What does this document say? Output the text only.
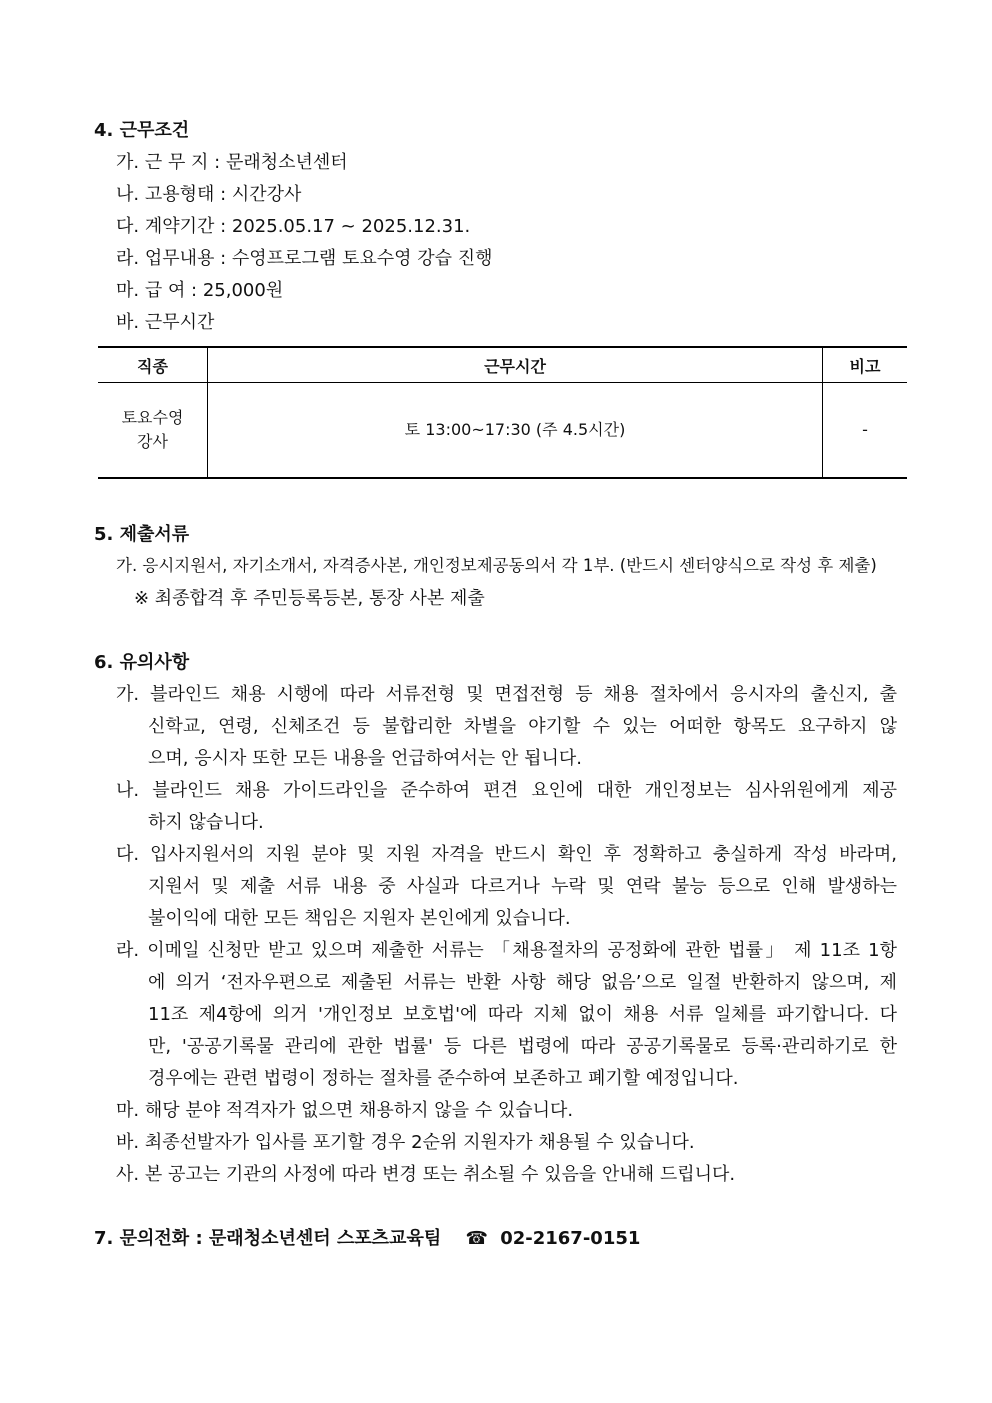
4. 근무조건
가. 근 무 지 : 문래청소년센터
나. 고용형태 : 시간강사
다. 계약기간 : 2025.05.17 ~ 2025.12.31.
라. 업무내용 : 수영프로그램 토요수영 강습 진행
마. 급 여 : 25,000원
바. 근무시간
직종	근무시간	비고

토요수영
강사	토 13:00~17:30 (주 4.5시간)	-
5. 제출서류
가. 응시지원서, 자기소개서, 자격증사본, 개인정보제공동의서 각 1부. (반드시 센터양식으로 작성 후 제출)
※ 최종합격 후 주민등록등본, 통장 사본 제출
6. 유의사항
가. 블라인드 채용 시행에 따라 서류전형 및 면접전형 등 채용 절차에서 응시자의 출신지, 출
신학교, 연령, 신체조건 등 불합리한 차별을 야기할 수 있는 어떠한 항목도 요구하지 않
으며, 응시자 또한 모든 내용을 언급하여서는 안 됩니다.
나. 블라인드 채용 가이드라인을 준수하여 편견 요인에 대한 개인정보는 심사위원에게 제공
하지 않습니다.
다. 입사지원서의 지원 분야 및 지원 자격을 반드시 확인 후 정확하고 충실하게 작성 바라며,
지원서 및 제출 서류 내용 중 사실과 다르거나 누락 및 연락 불능 등으로 인해 발생하는
불이익에 대한 모든 책임은 지원자 본인에게 있습니다.
라. 이메일 신청만 받고 있으며 제출한 서류는 「채용절차의 공정화에 관한 법률」 제 11조 1항
에 의거 ‘전자우편으로 제출된 서류는 반환 사항 해당 없음’으로 일절 반환하지 않으며, 제
11조 제4항에 의거 '개인정보 보호법'에 따라 지체 없이 채용 서류 일체를 파기합니다. 다
만, '공공기록물 관리에 관한 법률' 등 다른 법령에 따라 공공기록물로 등록·관리하기로 한
경우에는 관련 법령이 정하는 절차를 준수하여 보존하고 폐기할 예정입니다.
마. 해당 분야 적격자가 없으면 채용하지 않을 수 있습니다.
바. 최종선발자가 입사를 포기할 경우 2순위 지원자가 채용될 수 있습니다.
사. 본 공고는 기관의 사정에 따라 변경 또는 취소될 수 있음을 안내해 드립니다.
7. 문의전화 : 문래청소년센터 스포츠교육팀 ☎ 02-2167-0151
